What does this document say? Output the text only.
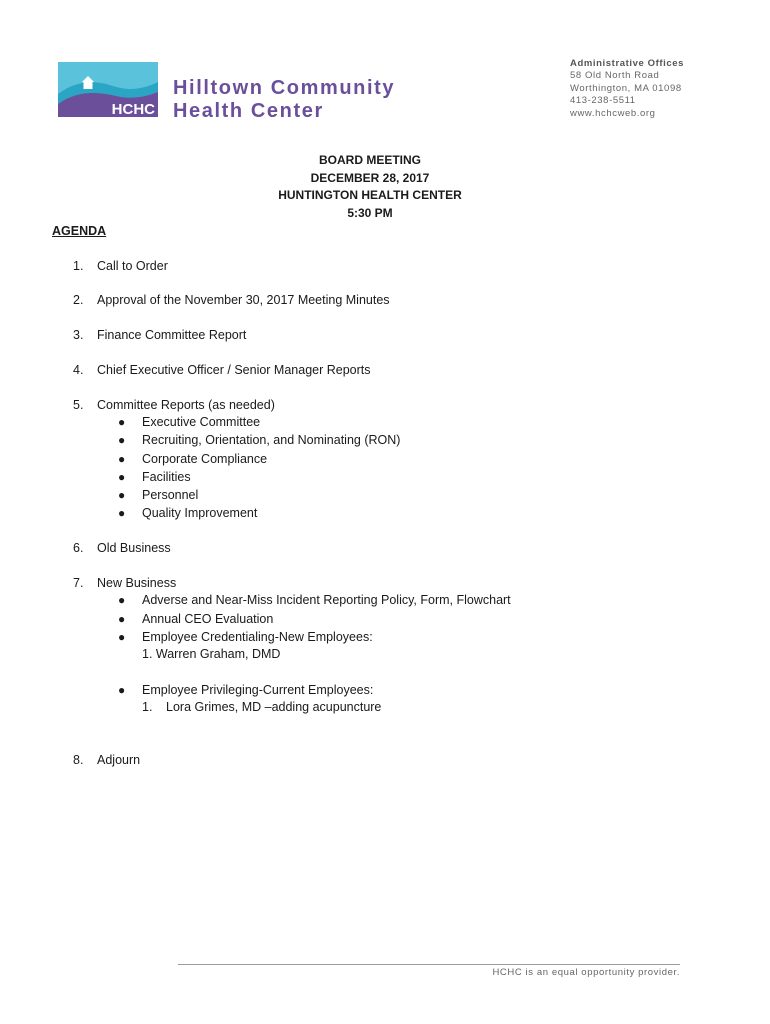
HCHC
Hilltown Community
Health Center
Administrative Offices
58 Old North Road
Worthington, MA 01098
413-238-5511
www.hchcweb.org
BOARD MEETING
DECEMBER 28, 2017
HUNTINGTON HEALTH CENTER
5:30 PM
AGENDA
1. Call to Order
2. Approval of the November 30, 2017 Meeting Minutes
3. Finance Committee Report
4. Chief Executive Officer / Senior Manager Reports
5. Committee Reports (as needed)
● Executive Committee
● Recruiting, Orientation, and Nominating (RON)
● Corporate Compliance
● Facilities
● Personnel
● Quality Improvement
6. Old Business
7. New Business
● Adverse and Near-Miss Incident Reporting Policy, Form, Flowchart
● Annual CEO Evaluation
● Employee Credentialing-New Employees:
1. Warren Graham, DMD
● Employee Privileging-Current Employees:
1. Lora Grimes, MD –adding acupuncture
8. Adjourn
HCHC is an equal opportunity provider.
